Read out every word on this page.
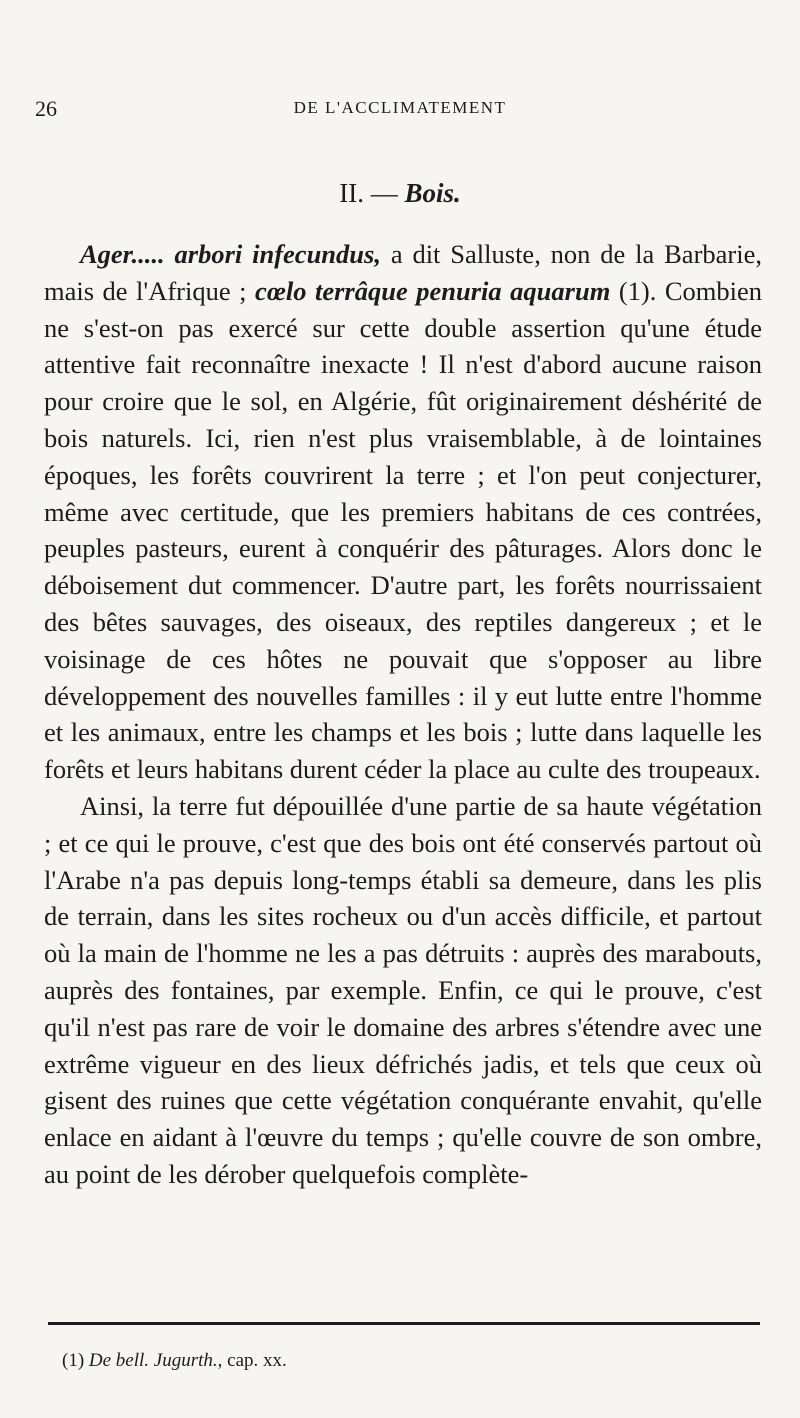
26	DE L'ACCLIMATEMENT
II. — Bois.

Ager..... arbori infecundus, a dit Salluste, non de la Barbarie, mais de l'Afrique ; cœlo terrâque penuria aquarum (1). Combien ne s'est-on pas exercé sur cette double assertion qu'une étude attentive fait reconnaître inexacte ! Il n'est d'abord aucune raison pour croire que le sol, en Algérie, fût originairement déshérité de bois naturels. Ici, rien n'est plus vraisemblable, à de lointaines époques, les forêts couvrirent la terre ; et l'on peut conjecturer, même avec certitude, que les premiers habitans de ces contrées, peuples pasteurs, eurent à conquérir des pâturages. Alors donc le déboisement dut commencer. D'autre part, les forêts nourrissaient des bêtes sauvages, des oiseaux, des reptiles dangereux ; et le voisinage de ces hôtes ne pouvait que s'opposer au libre développement des nouvelles familles : il y eut lutte entre l'homme et les animaux, entre les champs et les bois ; lutte dans laquelle les forêts et leurs habitans durent céder la place au culte des troupeaux.

Ainsi, la terre fut dépouillée d'une partie de sa haute végétation ; et ce qui le prouve, c'est que des bois ont été conservés partout où l'Arabe n'a pas depuis long-temps établi sa demeure, dans les plis de terrain, dans les sites rocheux ou d'un accès difficile, et partout où la main de l'homme ne les a pas détruits : auprès des marabouts, auprès des fontaines, par exemple. Enfin, ce qui le prouve, c'est qu'il n'est pas rare de voir le domaine des arbres s'étendre avec une extrême vigueur en des lieux défrichés jadis, et tels que ceux où gisent des ruines que cette végétation conquérante envahit, qu'elle enlace en aidant à l'œuvre du temps ; qu'elle couvre de son ombre, au point de les dérober quelquefois complète-

(1) De bell. Jugurth., cap. xx.
